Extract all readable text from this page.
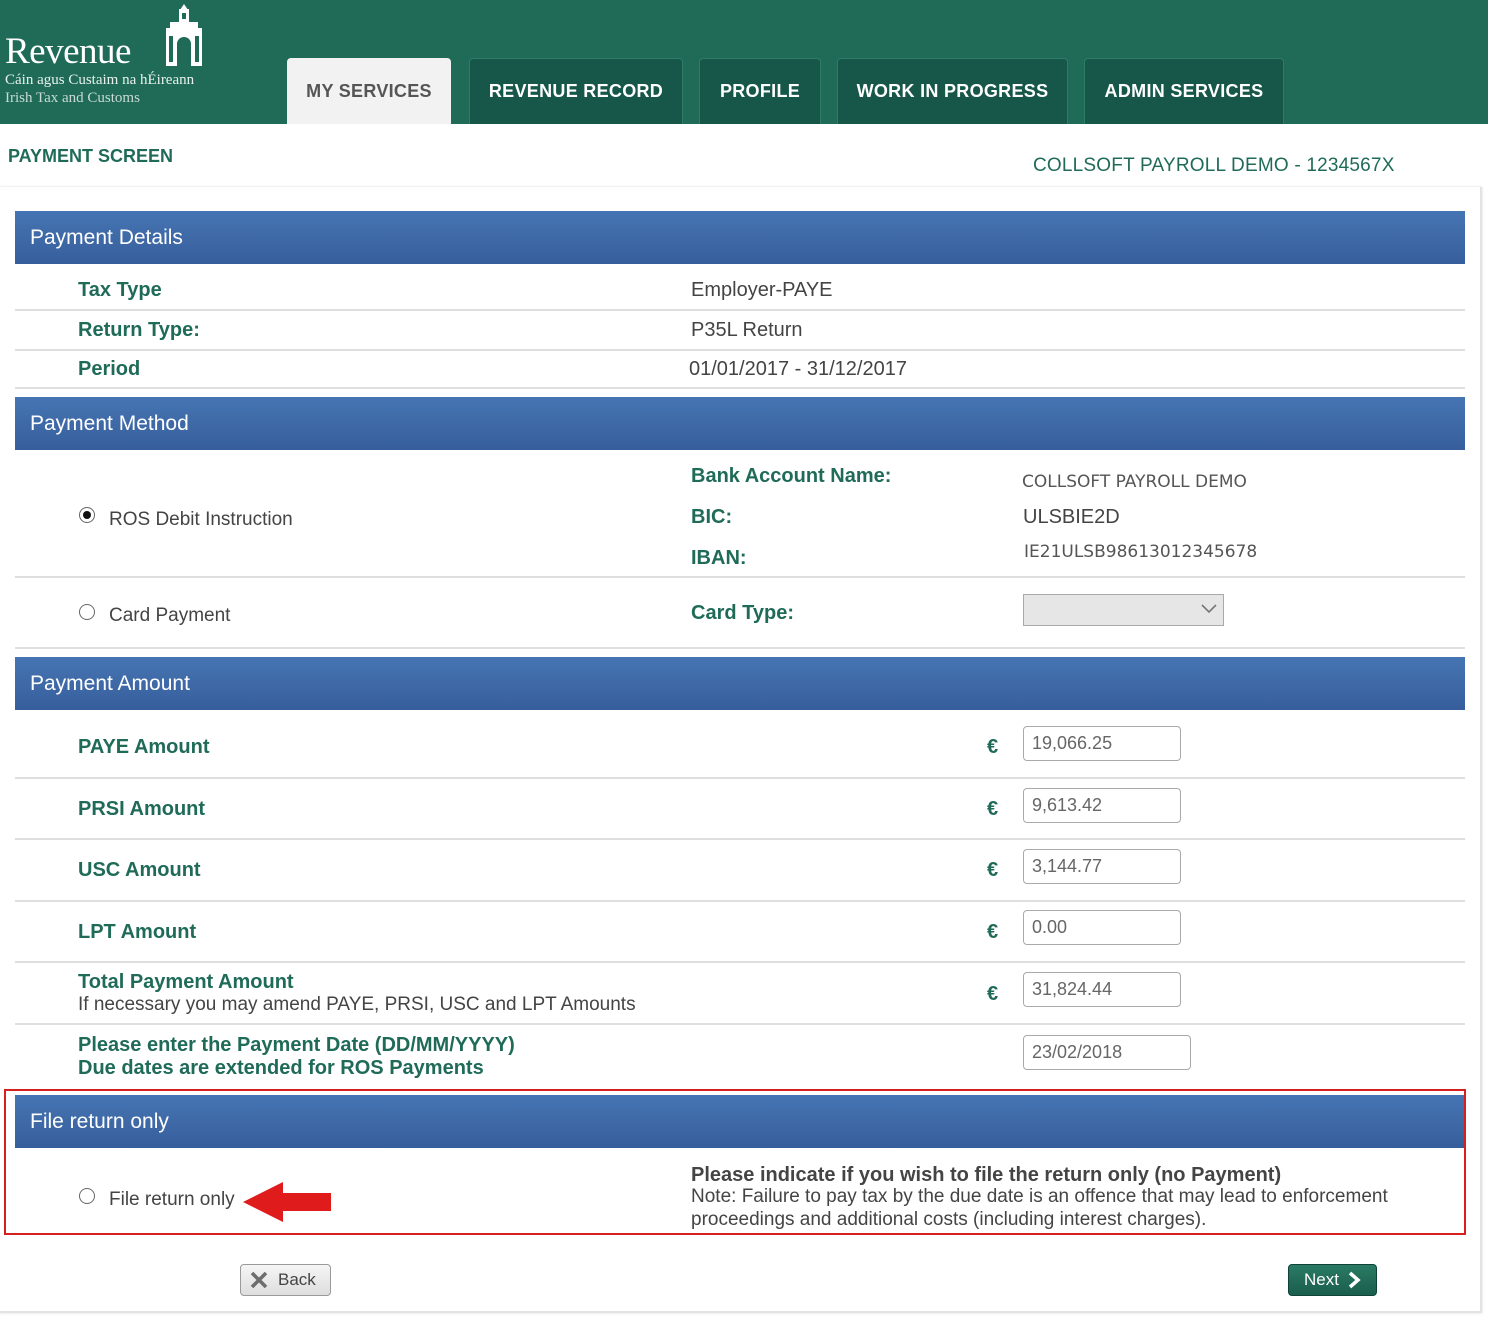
Revenue
Cáin agus Custaim na hÉireann
Irish Tax and Customs	MY SERVICES	REVENUE RECORD	PROFILE	WORK IN PROGRESS	ADMIN SERVICES
PAYMENT SCREEN	COLLSOFT PAYROLL DEMO - 1234567X
Payment Details
Tax Type	Employer-PAYE
Return Type:	P35L Return
Period	01/01/2017 - 31/12/2017
Payment Method
ROS Debit Instruction
Bank Account Name:	COLLSOFT PAYROLL DEMO
BIC:	ULSBIE2D
IBAN:	IE21ULSB98613012345678
Card Payment	Card Type:
Payment Amount
PAYE Amount	€	19,066.25
PRSI Amount	€	9,613.42
USC Amount	€	3,144.77
LPT Amount	€	0.00
Total Payment Amount
If necessary you may amend PAYE, PRSI, USC and LPT Amounts	€	31,824.44
Please enter the Payment Date (DD/MM/YYYY)
Due dates are extended for ROS Payments
23/02/2018
File return only
File return only
Please indicate if you wish to file the return only (no Payment)
Note: Failure to pay tax by the due date is an offence that may lead to enforcement
proceedings and additional costs (including interest charges).
Back	Next
